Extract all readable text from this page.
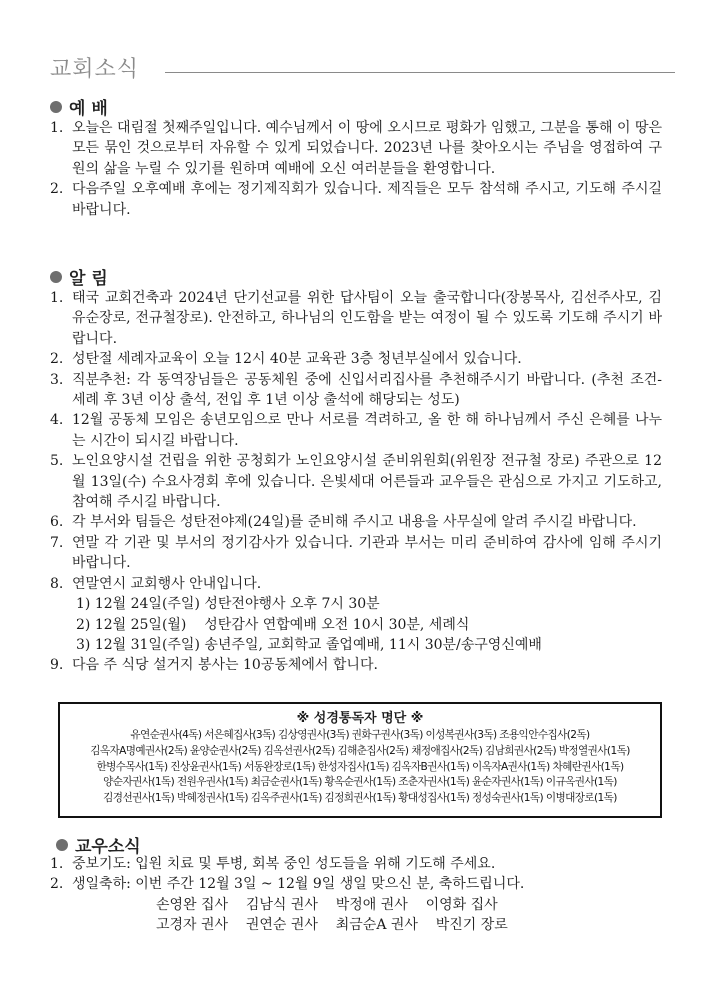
교회소식
예 배
1. 오늘은 대림절 첫째주일입니다. 예수님께서 이 땅에 오시므로 평화가 임했고, 그분을 통해 이 땅은 모든 묶인 것으로부터 자유할 수 있게 되었습니다. 2023년 나를 찾아오시는 주님을 영접하여 구원의 삶을 누릴 수 있기를 원하며 예배에 오신 여러분들을 환영합니다.
2. 다음주일 오후예배 후에는 정기제직회가 있습니다. 제직들은 모두 참석해 주시고, 기도해 주시길 바랍니다.
알 림
1. 태국 교회건축과 2024년 단기선교를 위한 답사팀이 오늘 출국합니다(장봉목사, 김선주사모, 김유순장로, 전규철장로). 안전하고, 하나님의 인도함을 받는 여정이 될 수 있도록 기도해 주시기 바랍니다.
2. 성탄절 세례자교육이 오늘 12시 40분 교육관 3층 청년부실에서 있습니다.
3. 직분추천: 각 동역장님들은 공동체원 중에 신입서리집사를 추천해주시기 바랍니다. (추천 조건- 세례 후 3년 이상 출석, 전입 후 1년 이상 출석에 해당되는 성도)
4. 12월 공동체 모임은 송년모임으로 만나 서로를 격려하고, 올 한 해 하나님께서 주신 은혜를 나누는 시간이 되시길 바랍니다.
5. 노인요양시설 건립을 위한 공청회가 노인요양시설 준비위원회(위원장 전규철 장로) 주관으로 12월 13일(수) 수요사경회 후에 있습니다. 은빛세대 어른들과 교우들은 관심으로 가지고 기도하고, 참여해 주시길 바랍니다.
6. 각 부서와 팀들은 성탄전야제(24일)를 준비해 주시고 내용을 사무실에 알려 주시길 바랍니다.
7. 연말 각 기관 및 부서의 정기감사가 있습니다. 기관과 부서는 미리 준비하여 감사에 임해 주시기 바랍니다.
8. 연말연시 교회행사 안내입니다.
1) 12월 24일(주일) 성탄전야행사 오후 7시 30분
2) 12월 25일(월)    성탄감사 연합예배 오전 10시 30분, 세례식
3) 12월 31일(주일) 송년주일, 교회학교 졸업예배, 11시 30분/송구영신예배
9. 다음 주 식당 설거지 봉사는 10공동체에서 합니다.
※ 성경통독자 명단 ※
유연순권사(4독) 서은혜집사(3독) 김상영권사(3독) 권화구권사(3독) 이성복권사(3독) 조용익안수집사(2독)
김옥자A명예권사(2독) 윤양순권사(2독) 김옥선권사(2독) 김해춘집사(2독) 채정애집사(2독) 김남희권사(2독) 박정열권사(1독)
한병수목사(1독) 진상윤권사(1독) 서동완장로(1독) 한성자집사(1독) 김옥자B권사(1독) 이옥자A권사(1독) 차혜란권사(1독)
양순자권사(1독) 전원우권사(1독) 최금순권사(1독) 황옥순권사(1독) 조춘자권사(1독) 윤순자권사(1독) 이규옥권사(1독)
김경선권사(1독) 박혜정권사(1독) 김옥주권사(1독) 김정희권사(1독) 황대성집사(1독) 정성숙권사(1독) 이병대장로(1독)
교우소식
1. 중보기도: 입원 치료 및 투병, 회복 중인 성도들을 위해 기도해 주세요.
2. 생일축하: 이번 주간 12월 3일 ~ 12월 9일 생일 맞으신 분, 축하드립니다.
손영완 집사    김남식 권사    박정애 권사    이영화 집사
고경자 권사    권연순 권사    최금순A 권사    박진기 장로
